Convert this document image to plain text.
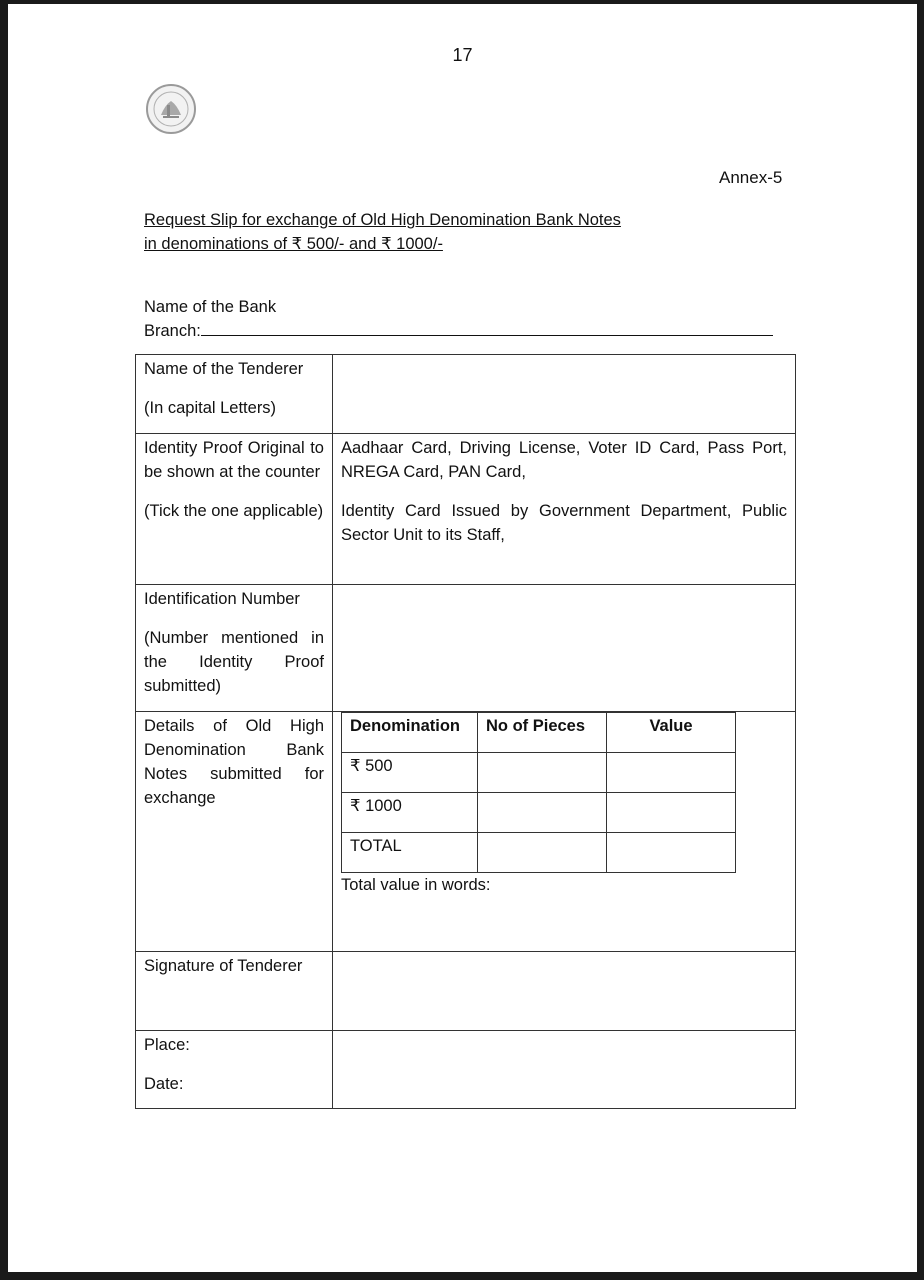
17
Annex-5
Request Slip for exchange of Old High Denomination Bank Notes
in denominations of ₹ 500/- and ₹ 1000/-
Name of the Bank
Branch:
Name of the Tenderer
(In capital Letters)

Identity Proof Original to be shown at the counter
(Tick the one applicable)

Aadhaar Card, Driving License, Voter ID Card, Pass Port, NREGA Card, PAN Card,
Identity Card Issued by Government Department, Public Sector Unit to its Staff,

Identification Number
(Number mentioned in the Identity Proof submitted)

Details of Old High Denomination Bank Notes submitted for exchange

Denomination	No of Pieces	Value
₹ 500		
₹ 1000		
TOTAL		
Total value in words:

Signature of Tenderer

Place:
Date:
